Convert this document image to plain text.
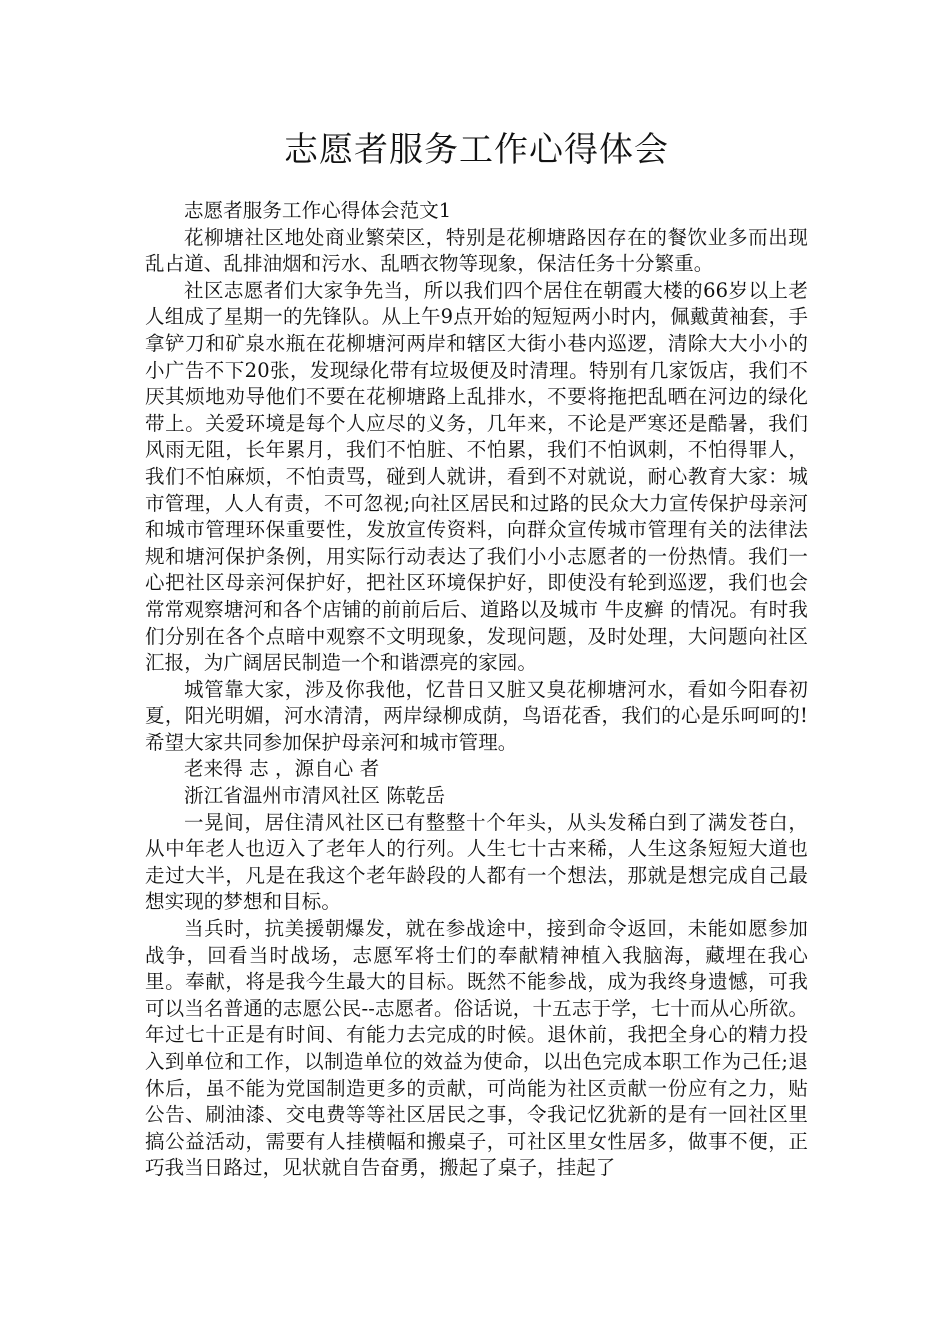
志愿者服务工作心得体会

志愿者服务工作心得体会范文1

花柳塘社区地处商业繁荣区，特别是花柳塘路因存在的餐饮业多而出现乱占道、乱排油烟和污水、乱晒衣物等现象，保洁任务十分繁重。

社区志愿者们大家争先当，所以我们四个居住在朝霞大楼的66岁以上老人组成了星期一的先锋队。从上午9点开始的短短两小时内，佩戴黄袖套，手拿铲刀和矿泉水瓶在花柳塘河两岸和辖区大街小巷内巡逻，清除大大小小的小广告不下20张，发现绿化带有垃圾便及时清理。特别有几家饭店，我们不厌其烦地劝导他们不要在花柳塘路上乱排水，不要将拖把乱晒在河边的绿化带上。关爱环境是每个人应尽的义务，几年来，不论是严寒还是酷暑，我们风雨无阻，长年累月，我们不怕脏、不怕累，我们不怕讽刺，不怕得罪人，我们不怕麻烦，不怕责骂，碰到人就讲，看到不对就说，耐心教育大家：城市管理，人人有责，不可忽视;向社区居民和过路的民众大力宣传保护母亲河和城市管理环保重要性，发放宣传资料，向群众宣传城市管理有关的法律法规和塘河保护条例，用实际行动表达了我们小小志愿者的一份热情。我们一心把社区母亲河保护好，把社区环境保护好，即使没有轮到巡逻，我们也会常常观察塘河和各个店铺的前前后后、道路以及城市 牛皮癣 的情况。有时我们分别在各个点暗中观察不文明现象，发现问题，及时处理，大问题向社区汇报，为广阔居民制造一个和谐漂亮的家园。

城管靠大家，涉及你我他，忆昔日又脏又臭花柳塘河水，看如今阳春初夏，阳光明媚，河水清清，两岸绿柳成荫，鸟语花香，我们的心是乐呵呵的!希望大家共同参加保护母亲河和城市管理。

老来得 志 ，源自心 者

浙江省温州市清风社区 陈乾岳

一晃间，居住清风社区已有整整十个年头，从头发稀白到了满发苍白，从中年老人也迈入了老年人的行列。人生七十古来稀，人生这条短短大道也走过大半，凡是在我这个老年龄段的人都有一个想法，那就是想完成自己最想实现的梦想和目标。

当兵时，抗美援朝爆发，就在参战途中，接到命令返回，未能如愿参加战争，回看当时战场，志愿军将士们的奉献精神植入我脑海，藏埋在我心里。奉献，将是我今生最大的目标。既然不能参战，成为我终身遗憾，可我可以当名普通的志愿公民--志愿者。俗话说，十五志于学，七十而从心所欲。年过七十正是有时间、有能力去完成的时候。退休前，我把全身心的精力投入到单位和工作，以制造单位的效益为使命，以出色完成本职工作为己任;退休后，虽不能为党国制造更多的贡献，可尚能为社区贡献一份应有之力，贴公告、刷油漆、交电费等等社区居民之事，令我记忆犹新的是有一回社区里搞公益活动，需要有人挂横幅和搬桌子，可社区里女性居多，做事不便，正巧我当日路过，见状就自告奋勇，搬起了桌子，挂起了
